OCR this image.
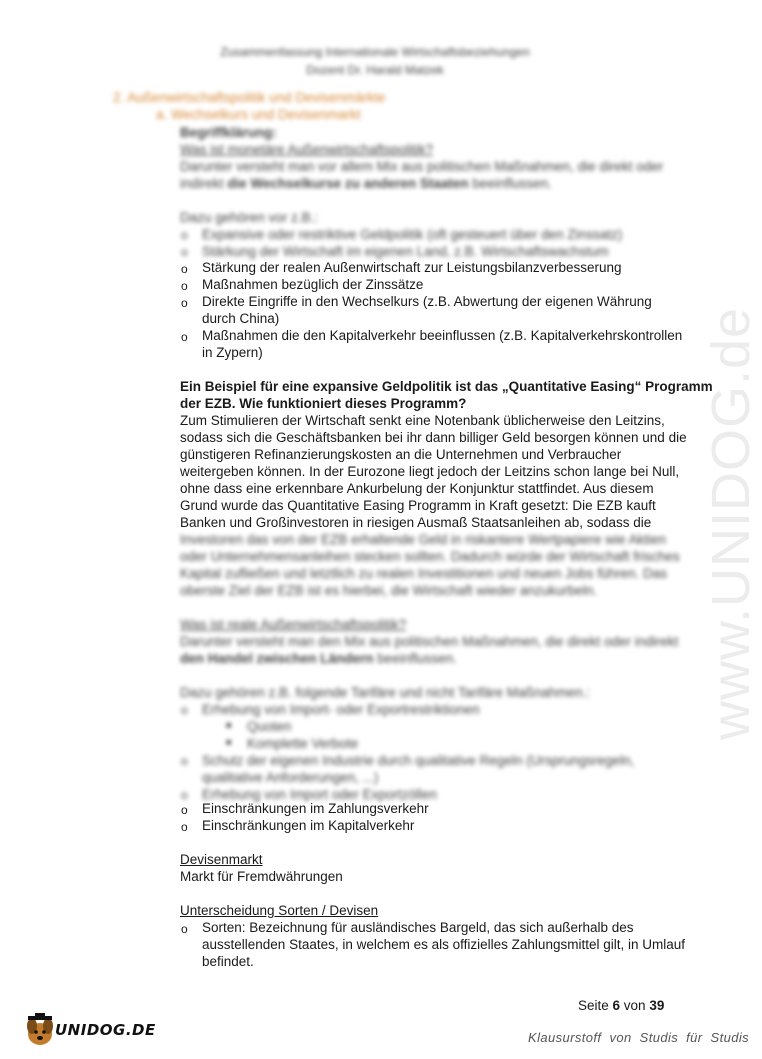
www.UNIDOG.de
Zusammenfassung Internationale Wirtschaftsbeziehungen
Dozent Dr. Harald Matzek
2. Außenwirtschaftspolitik und Devisenmärkte
a. Wechselkurs und Devisenmarkt
Begriffklärung:
Was ist monetäre Außenwirtschaftspolitik?
Darunter versteht man vor allem Mix aus politischen Maßnahmen, die direkt oder
indirekt die Wechselkurse zu anderen Staaten beeinflussen.
Dazu gehören vor z.B.:
o Expansive oder restriktive Geldpolitik (oft gesteuert über den Zinssatz)
o Stärkung der Wirtschaft im eigenen Land, z.B. Wirtschaftswachstum
o Stärkung der realen Außenwirtschaft zur Leistungsbilanzverbesserung
o Maßnahmen bezüglich der Zinssätze
o Direkte Eingriffe in den Wechselkurs (z.B. Abwertung der eigenen Währung
durch China)
o Maßnahmen die den Kapitalverkehr beeinflussen (z.B. Kapitalverkehrskontrollen
in Zypern)
Ein Beispiel für eine expansive Geldpolitik ist das „Quantitative Easing“ Programm
der EZB. Wie funktioniert dieses Programm?
Zum Stimulieren der Wirtschaft senkt eine Notenbank üblicherweise den Leitzins,
sodass sich die Geschäftsbanken bei ihr dann billiger Geld besorgen können und die
günstigeren Refinanzierungskosten an die Unternehmen und Verbraucher
weitergeben können. In der Eurozone liegt jedoch der Leitzins schon lange bei Null,
ohne dass eine erkennbare Ankurbelung der Konjunktur stattfindet. Aus diesem
Grund wurde das Quantitative Easing Programm in Kraft gesetzt: Die EZB kauft
Banken und Großinvestoren in riesigen Ausmaß Staatsanleihen ab, sodass die
Investoren das von der EZB erhaltende Geld in riskantere Wertpapiere wie Aktien
oder Unternehmensanleihen stecken sollten. Dadurch würde der Wirtschaft frisches
Kapital zufließen und letztlich zu realen Investitionen und neuen Jobs führen. Das
oberste Ziel der EZB ist es hierbei, die Wirtschaft wieder anzukurbeln.
Was ist reale Außenwirtschaftspolitik?
Darunter versteht man den Mix aus politischen Maßnahmen, die direkt oder indirekt
den Handel zwischen Ländern beeinflussen.
Dazu gehören z.B. folgende Tarifäre und nicht Tarifäre Maßnahmen.:
o Erhebung von Import- oder Exportrestriktionen
■ Quoten
■ Komplette Verbote
o Schutz der eigenen Industrie durch qualitative Regeln (Ursprungsregeln,
qualitative Anforderungen, ...)
o Erhebung von Import oder Exportzöllen
o Einschränkungen im Zahlungsverkehr
o Einschränkungen im Kapitalverkehr
Devisenmarkt
Markt für Fremdwährungen
Unterscheidung Sorten / Devisen
o Sorten: Bezeichnung für ausländisches Bargeld, das sich außerhalb des
ausstellenden Staates, in welchem es als offizielles Zahlungsmittel gilt, in Umlauf
befindet.
Seite 6 von 39
UNIDOG.DE	Klausurstoff von Studis für Studis
